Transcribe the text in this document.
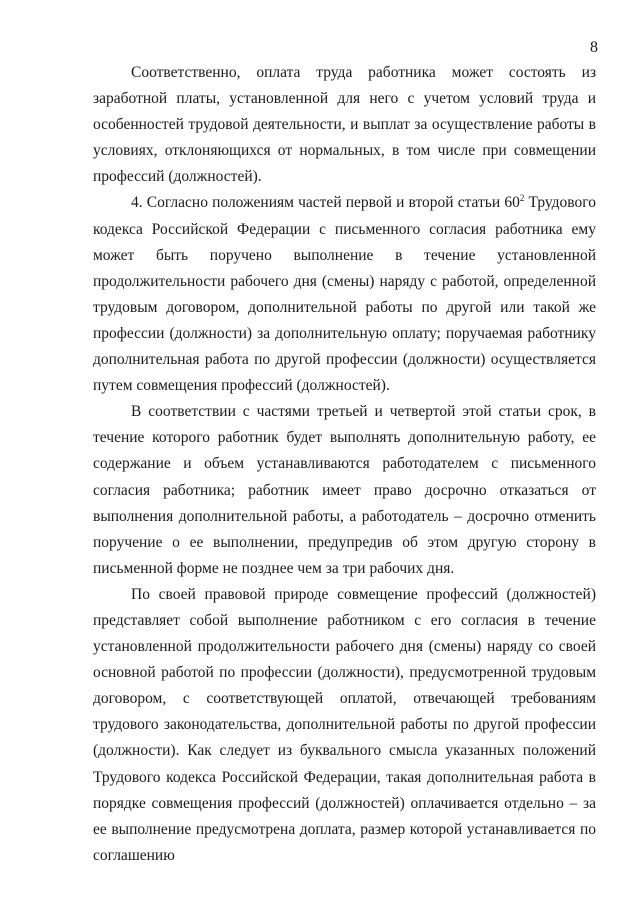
8

Соответственно, оплата труда работника может состоять из заработной платы, установленной для него с учетом условий труда и особенностей трудовой деятельности, и выплат за осуществление работы в условиях, отклоняющихся от нормальных, в том числе при совмещении профессий (должностей).

4. Согласно положениям частей первой и второй статьи $60^2$ Трудового кодекса Российской Федерации с письменного согласия работника ему может быть поручено выполнение в течение установленной продолжительности рабочего дня (смены) наряду с работой, определенной трудовым договором, дополнительной работы по другой или такой же профессии (должности) за дополнительную оплату; поручаемая работнику дополнительная работа по другой профессии (должности) осуществляется путем совмещения профессий (должностей).

В соответствии с частями третьей и четвертой этой статьи срок, в течение которого работник будет выполнять дополнительную работу, ее содержание и объем устанавливаются работодателем с письменного согласия работника; работник имеет право досрочно отказаться от выполнения дополнительной работы, а работодатель – досрочно отменить поручение о ее выполнении, предупредив об этом другую сторону в письменной форме не позднее чем за три рабочих дня.

По своей правовой природе совмещение профессий (должностей) представляет собой выполнение работником с его согласия в течение установленной продолжительности рабочего дня (смены) наряду со своей основной работой по профессии (должности), предусмотренной трудовым договором, с соответствующей оплатой, отвечающей требованиям трудового законодательства, дополнительной работы по другой профессии (должности). Как следует из буквального смысла указанных положений Трудового кодекса Российской Федерации, такая дополнительная работа в порядке совмещения профессий (должностей) оплачивается отдельно – за ее выполнение предусмотрена доплата, размер которой устанавливается по соглашению
